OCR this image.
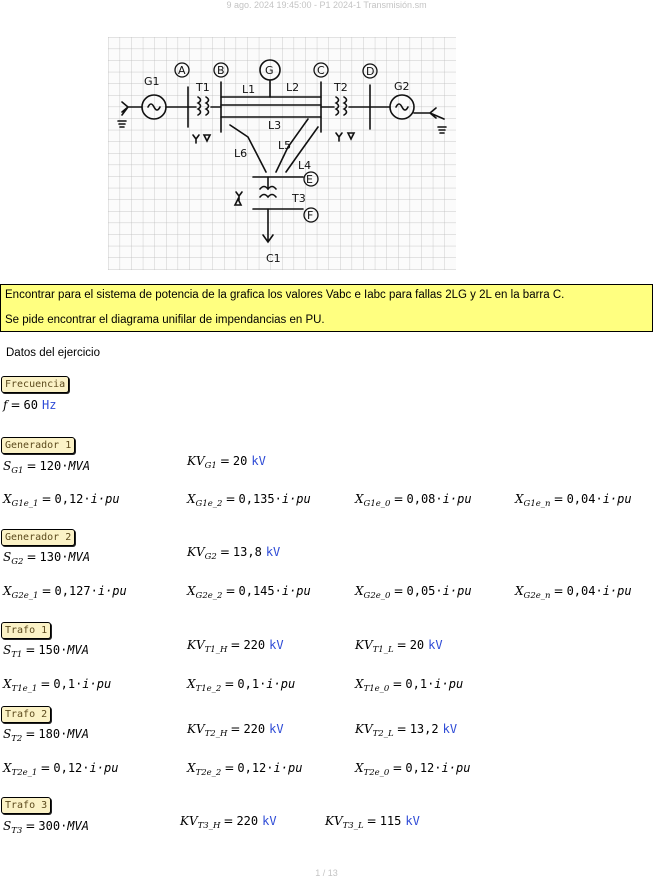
9 ago. 2024 19:45:00 - P1 2024-1 Transmisión.sm
G1
A
T1
B
L1
G
L2
C
T2
D
G2
L3
L6
L5
L4
E
T3
F
C1

Encontrar para el sistema de potencia de la grafica los valores Vabc e Iabc para fallas 2LG y 2L en la barra C.

Se pide encontrar el diagrama unifilar de impendancias en PU.

Datos del ejercicio
Frecuencia
f = 60 Hz
Generador 1
$S_{G1} = 120\cdot MVA$	$KV_{G1} = 20$ kV
$X_{G1e\_1} = 0,12\cdot i\cdot pu$	$X_{G1e\_2} = 0,135\cdot i\cdot pu$	$X_{G1e\_0} = 0,08\cdot i\cdot pu$	$X_{G1e\_n} = 0,04\cdot i\cdot pu$
Generador 2
$S_{G2} = 130\cdot MVA$	$KV_{G2} = 13,8$ kV
$X_{G2e\_1} = 0,127\cdot i\cdot pu$	$X_{G2e\_2} = 0,145\cdot i\cdot pu$	$X_{G2e\_0} = 0,05\cdot i\cdot pu$	$X_{G2e\_n} = 0,04\cdot i\cdot pu$
Trafo 1
$S_{T1} = 150\cdot MVA$	$KV_{T1\_H} = 220$ kV	$KV_{T1\_L} = 20$ kV
$X_{T1e\_1} = 0,1\cdot i\cdot pu$	$X_{T1e\_2} = 0,1\cdot i\cdot pu$	$X_{T1e\_0} = 0,1\cdot i\cdot pu$
Trafo 2
$S_{T2} = 180\cdot MVA$	$KV_{T2\_H} = 220$ kV	$KV_{T2\_L} = 13,2$ kV
$X_{T2e\_1} = 0,12\cdot i\cdot pu$	$X_{T2e\_2} = 0,12\cdot i\cdot pu$	$X_{T2e\_0} = 0,12\cdot i\cdot pu$
Trafo 3
$S_{T3} = 300\cdot MVA$	$KV_{T3\_H} = 220$ kV	$KV_{T3\_L} = 115$ kV
1 / 13
